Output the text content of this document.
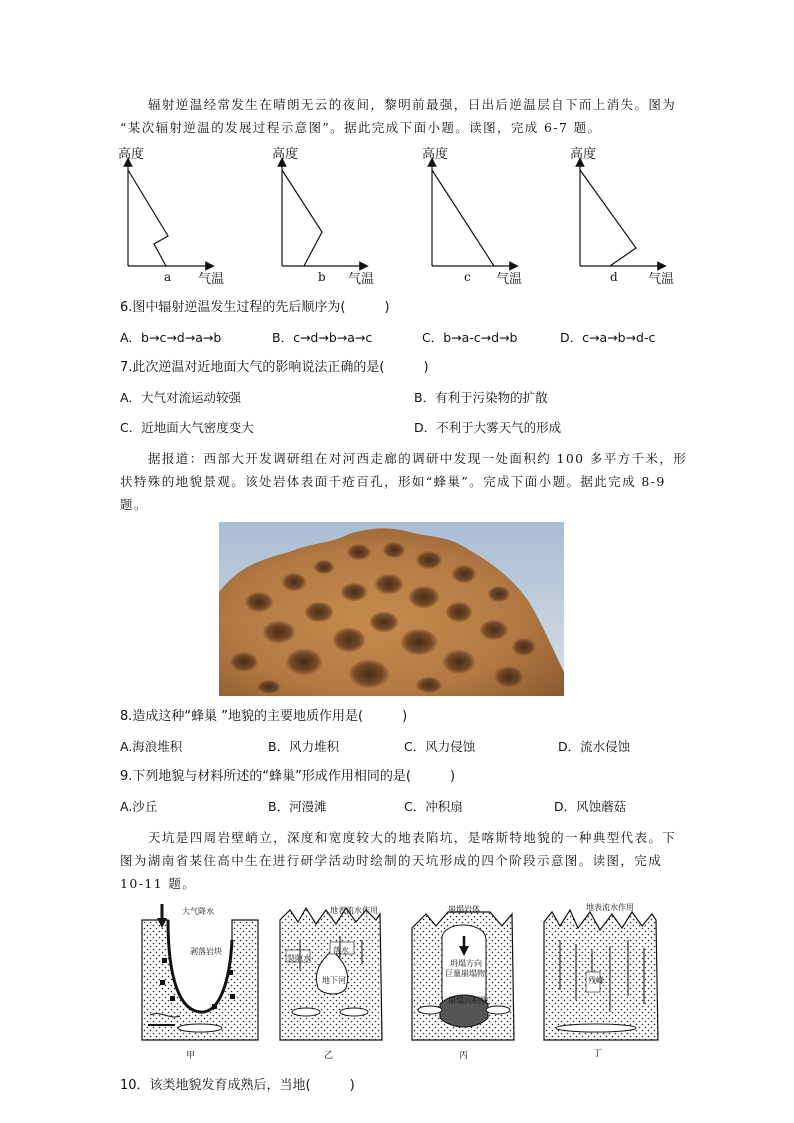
辐射逆温经常发生在晴朗无云的夜间，黎明前最强，日出后逆温层自下而上消失。图为
“某次辐射逆温的发展过程示意图”。据此完成下面小题。读图，完成 6-7 题。
高度	高度	高度	高度
气温	气温	气温	气温
a	b	c	d
6.图中辐射逆温发生过程的先后顺序为(　　　)
A．b→c→d→a→b	B．c→d→b→a→c	C．b→a-c→d→b	D．c→a→b→d-c
7.此次逆温对近地面大气的影响说法正确的是(　　　)
A．大气对流运动较强	B．有利于污染物的扩散
C．近地面大气密度变大	D．不利于大雾天气的形成
据报道：西部大开发调研组在对河西走廊的调研中发现一处面积约 100 多平方千米，形
状特殊的地貌景观。该处岩体表面千疮百孔，形如“蜂巢”。完成下面小题。据此完成 8-9
题。
8.造成这种“蜂巢 ”地貌的主要地质作用是(　　　)
A.海浪堆积	B．风力堆积	C．风力侵蚀	D．流水侵蚀
9.下列地貌与材料所述的“蜂巢”形成作用相同的是(　　　)
A.沙丘	B．河漫滩	C．冲积扇	D．风蚀蘑菇
天坑是四周岩壁峭立，深度和宽度较大的地表陷坑，是喀斯特地貌的一种典型代表。下
图为湖南省某住高中生在进行研学活动时绘制的天坑形成的四个阶段示意图。读图，完成
10-11 题。
大气降水
剥落岩块
地表流水作用
裂隙水
落水
地下河
崩塌岩体
坍塌方向
巨量崩塌物
崩塌沉积物
地表流水作用
残峰
甲	乙	丙	丁
10．该类地貌发育成熟后，当地(　　　)
